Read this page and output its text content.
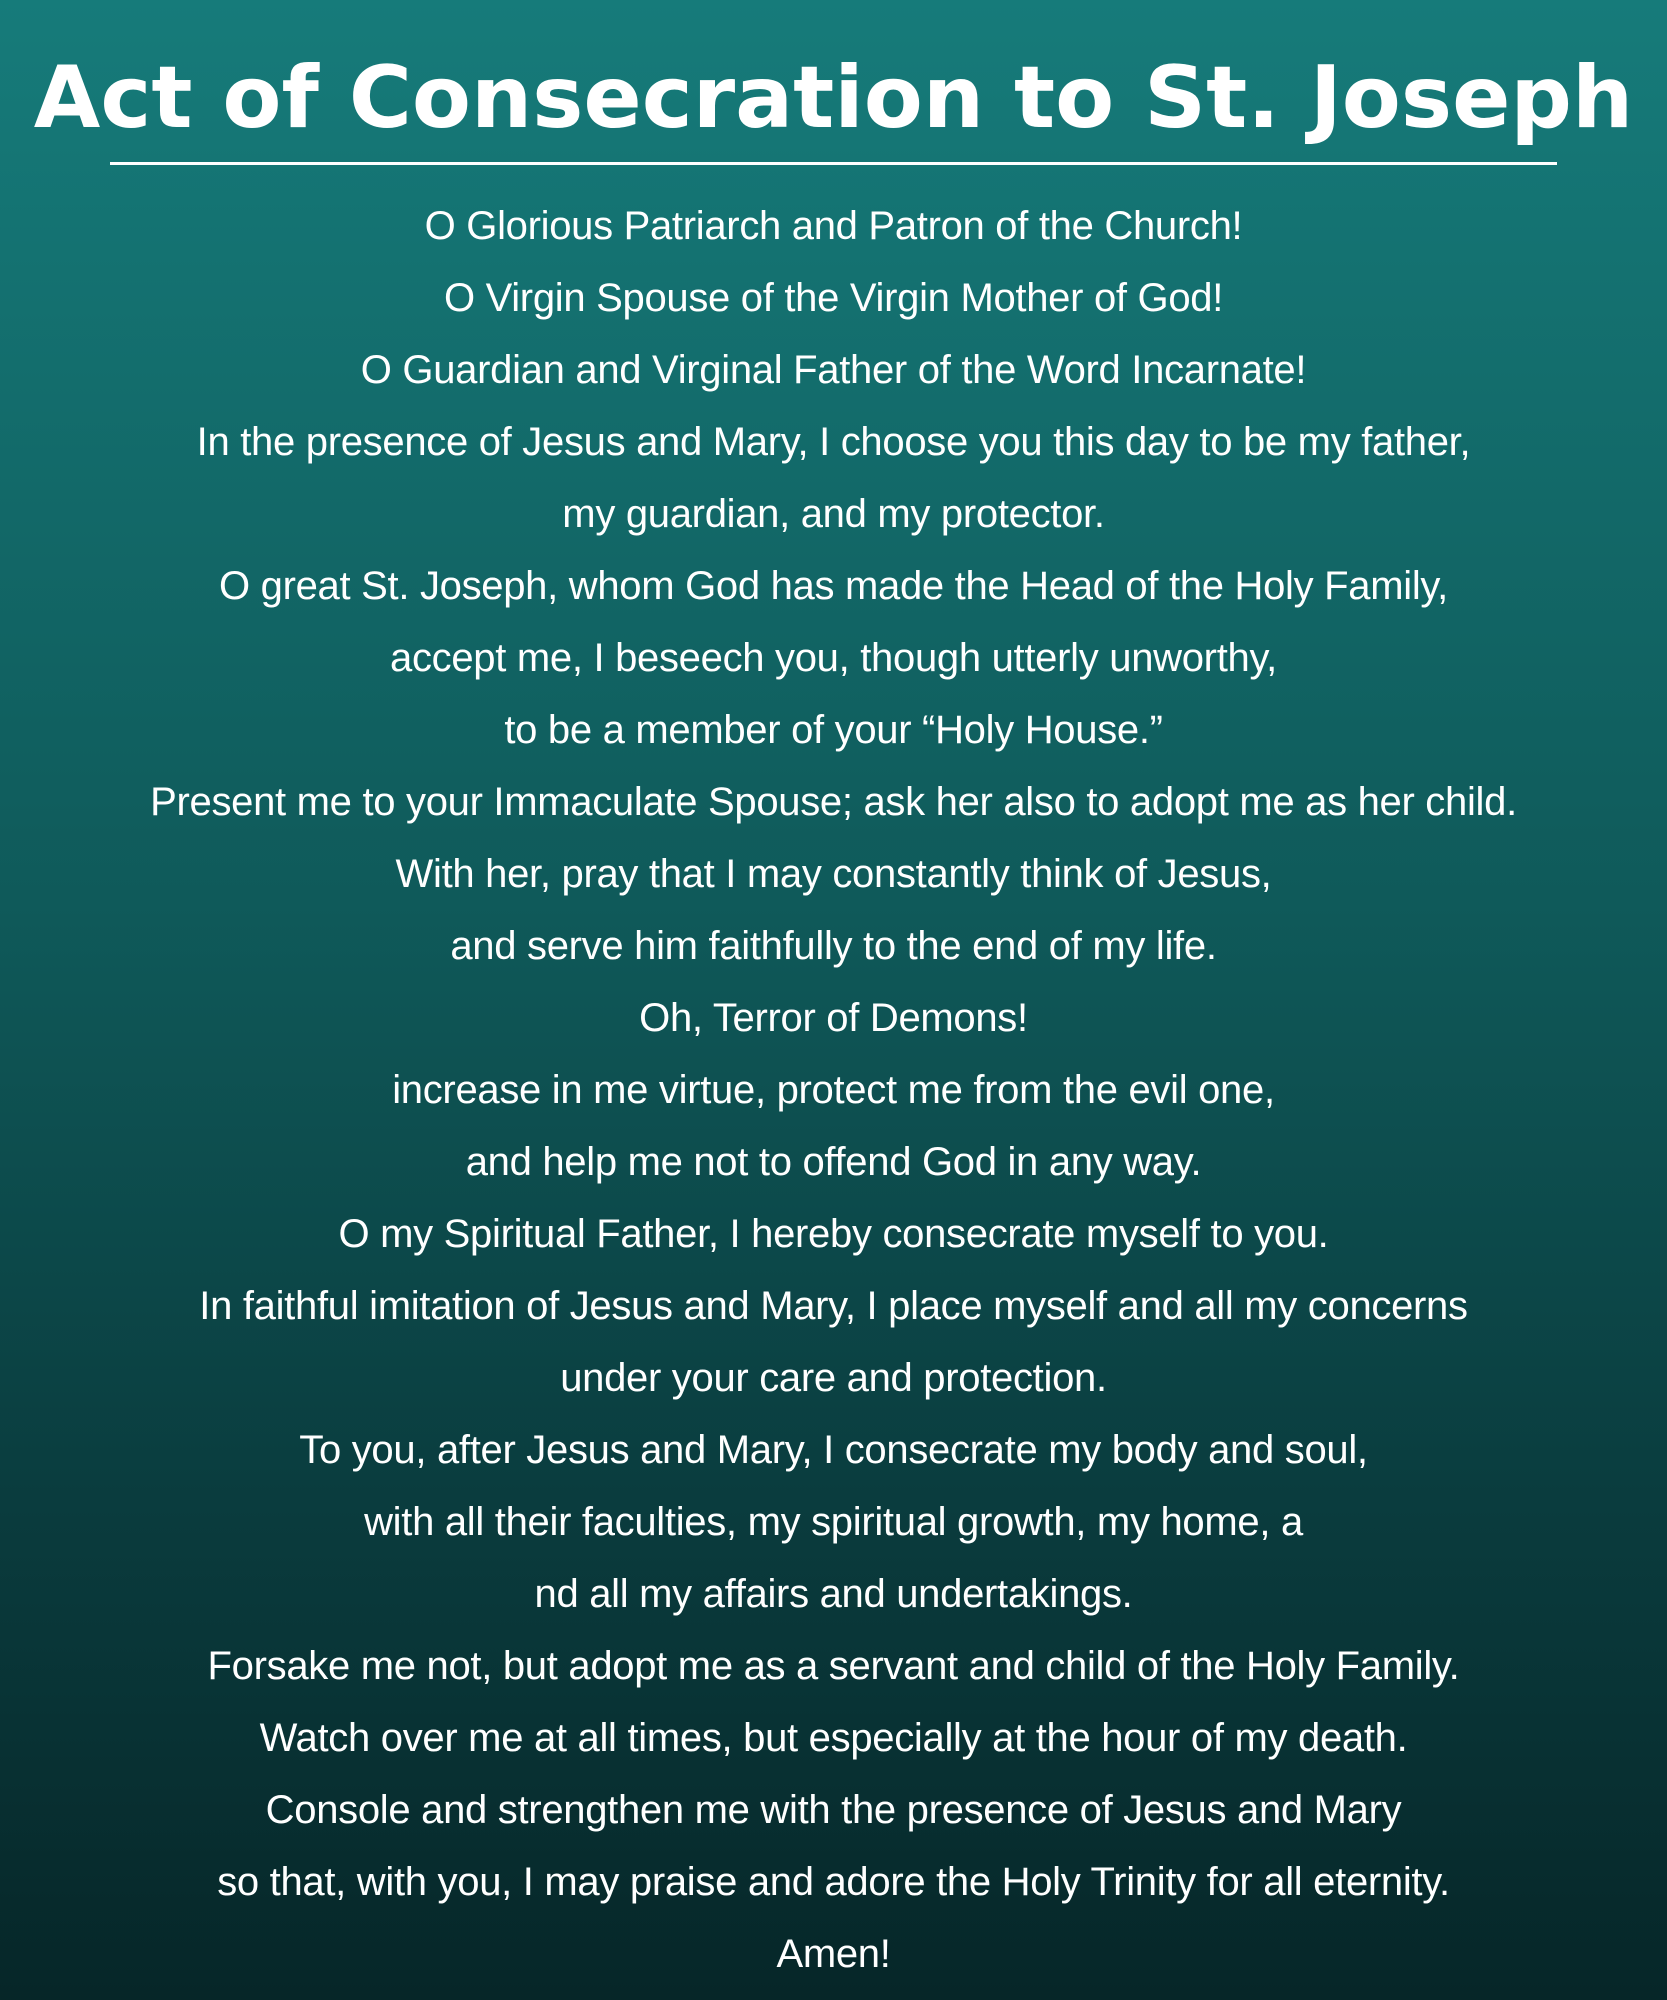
Act of Consecration to St. Joseph
O Glorious Patriarch and Patron of the Church!
O Virgin Spouse of the Virgin Mother of God!
O Guardian and Virginal Father of the Word Incarnate!
In the presence of Jesus and Mary, I choose you this day to be my father,
my guardian, and my protector.
O great St. Joseph, whom God has made the Head of the Holy Family,
accept me, I beseech you, though utterly unworthy,
to be a member of your “Holy House.”
Present me to your Immaculate Spouse; ask her also to adopt me as her child.
With her, pray that I may constantly think of Jesus,
and serve him faithfully to the end of my life.
Oh, Terror of Demons!
increase in me virtue, protect me from the evil one,
and help me not to offend God in any way.
O my Spiritual Father, I hereby consecrate myself to you.
In faithful imitation of Jesus and Mary, I place myself and all my concerns
under your care and protection.
To you, after Jesus and Mary, I consecrate my body and soul,
with all their faculties, my spiritual growth, my home, a
nd all my affairs and undertakings.
Forsake me not, but adopt me as a servant and child of the Holy Family.
Watch over me at all times, but especially at the hour of my death.
Console and strengthen me with the presence of Jesus and Mary
so that, with you, I may praise and adore the Holy Trinity for all eternity.
Amen!
